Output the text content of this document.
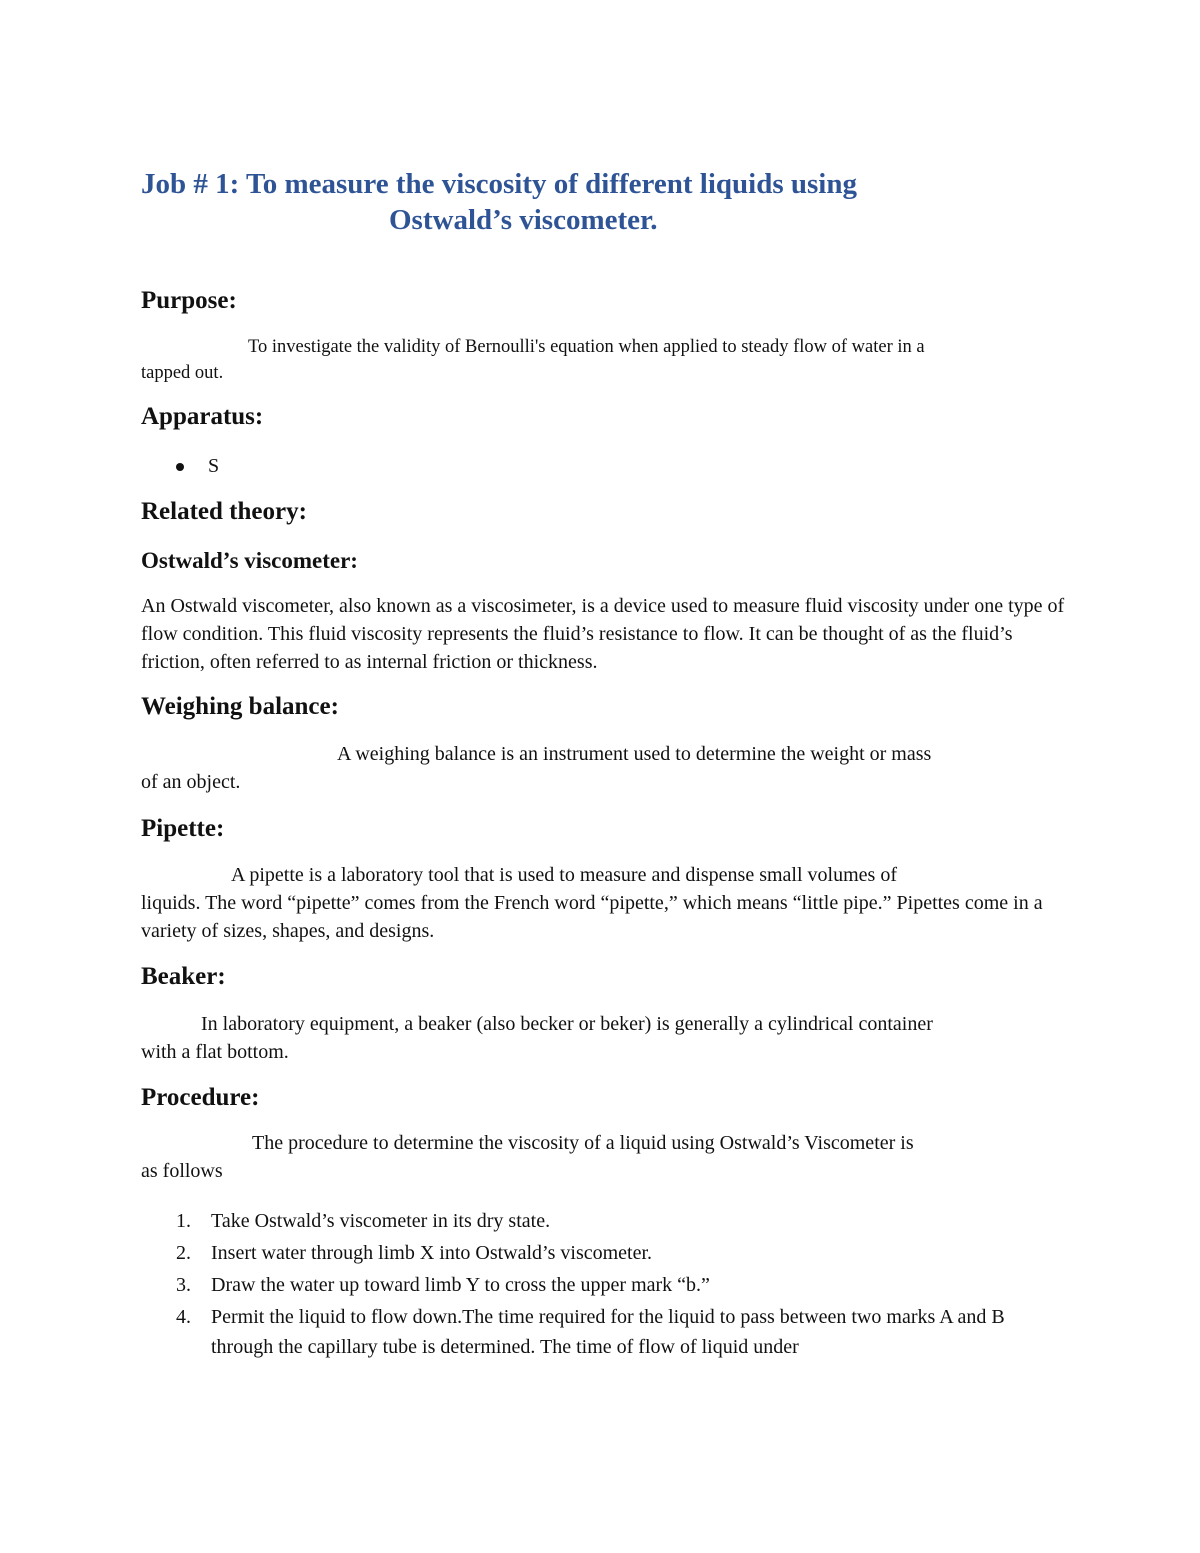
Job # 1: To measure the viscosity of different liquids using
Ostwald’s viscometer.
Purpose:

To investigate the validity of Bernoulli's equation when applied to steady flow of water in a
tapped out.

Apparatus:
S
Related theory:
Ostwald’s viscometer:

An Ostwald viscometer, also known as a viscosimeter, is a device used to measure fluid viscosity under one type of flow condition. This fluid viscosity represents the fluid’s resistance to flow. It can be thought of as the fluid’s friction, often referred to as internal friction or thickness.

Weighing balance:

A weighing balance is an instrument used to determine the weight or mass
of an object.

Pipette:

A pipette is a laboratory tool that is used to measure and dispense small volumes of
liquids. The word “pipette” comes from the French word “pipette,” which means “little pipe.” Pipettes come in a variety of sizes, shapes, and designs.

Beaker:

In laboratory equipment, a beaker (also becker or beker) is generally a cylindrical container
with a flat bottom.

Procedure:

The procedure to determine the viscosity of a liquid using Ostwald’s Viscometer is
as follows

1. Take Ostwald’s viscometer in its dry state.
2. Insert water through limb X into Ostwald’s viscometer.
3. Draw the water up toward limb Y to cross the upper mark “b.”
4. Permit the liquid to flow down.The time required for the liquid to pass between two marks A and B through the capillary tube is determined. The time of flow of liquid under
